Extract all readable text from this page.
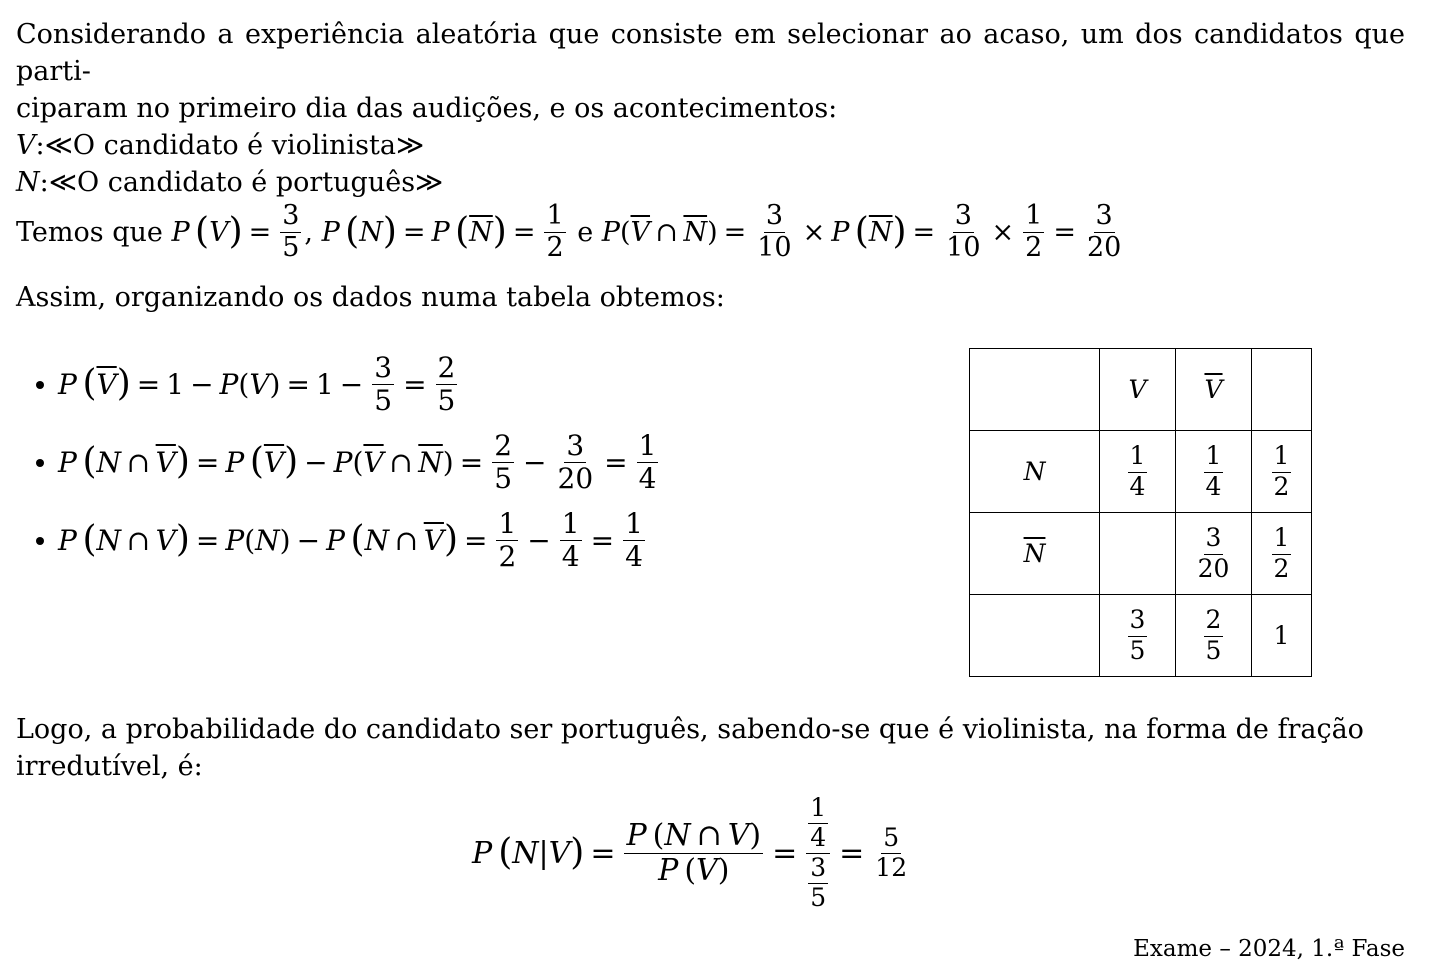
Considerando a experiência aleatória que consiste em selecionar ao acaso, um dos candidatos que parti-
ciparam no primeiro dia das audições, e os acontecimentos:
V:≪O candidato é violinista≫
N:≪O candidato é português≫
Temos que
P
  ( V ) = $\frac{3}{5}$ , P
  ( N ) = P
  ( $\overline{N}$ ) = $\frac{1}{2}$
e
P ( $\overline{V}$  ∩  $\overline{N}$ ) = $\frac{3}{10} \times P$
  ( $\overline{N}$ ) = $\frac{3}{10} \times \frac{1}{2} = \frac{3}{20}$
Assim, organizando os dados numa tabela obtemos:
P
  ( $\overline{V}$ ) = 1 − P ( V ) = $1 - \frac{3}{5} = \frac{2}{5}$
P
  ( N  ∩  $\overline{V}$ ) = P
  ( $\overline{V}$ ) − P ( $\overline{V}$  ∩  $\overline{N}$ ) = $\frac{2}{5} - \frac{3}{20} = \frac{1}{4}$
P
  ( N  ∩  V ) = P ( N ) − P
  ( N  ∩  $\overline{V}$ ) = $\frac{1}{2} - \frac{1}{4} = \frac{1}{4}$
	V	$\overline{V}$	
N	$\frac{1}{4}$	$\frac{1}{4}$	$\frac{1}{2}$

$\overline{N}$		$\frac{3}{20}$	$\frac{1}{2}$

	$\frac{3}{5}$	$\frac{2}{5}$	1
Logo, a probabilidade do candidato ser português, sabendo-se que é violinista, na forma de fração
irredutível, é:
P
  ( N | V ) = $\frac{P (N \cap V)}{P (V)} = \frac{\frac{1}{4}}{\frac{3}{5}} = \frac{5}{12}$
Exame – 2024, 1.ª Fase
